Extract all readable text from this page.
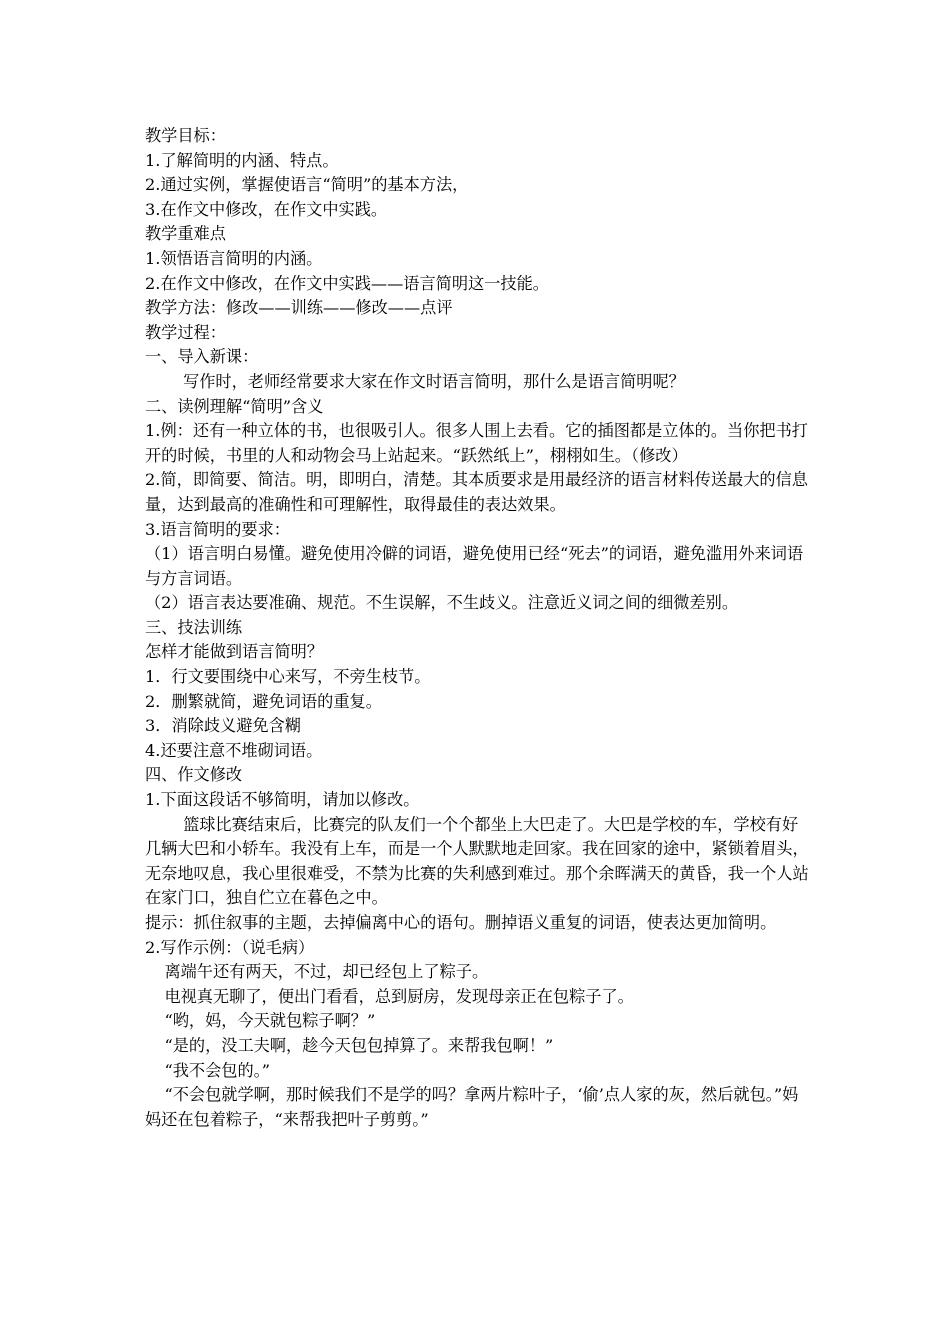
教学目标：

1.了解简明的内涵、特点。

2.通过实例，掌握使语言“简明”的基本方法，

3.在作文中修改，在作文中实践。

教学重难点

1.领悟语言简明的内涵。

2.在作文中修改，在作文中实践——语言简明这一技能。

教学方法：修改——训练——修改——点评

教学过程：

一、导入新课：

写作时，老师经常要求大家在作文时语言简明，那什么是语言简明呢？

二、读例理解“简明”含义

1.例：还有一种立体的书，也很吸引人。很多人围上去看。它的插图都是立体的。当你把书打开的时候，书里的人和动物会马上站起来。“跃然纸上”，栩栩如生。（修改）

2.简，即简要、简洁。明，即明白，清楚。其本质要求是用最经济的语言材料传送最大的信息量，达到最高的准确性和可理解性，取得最佳的表达效果。

3.语言简明的要求：

（1）语言明白易懂。避免使用冷僻的词语，避免使用已经“死去”的词语，避免滥用外来词语与方言词语。

（2）语言表达要准确、规范。不生误解，不生歧义。注意近义词之间的细微差别。

三、技法训练

怎样才能做到语言简明？

1．行文要围绕中心来写，不旁生枝节。

2．删繁就简，避免词语的重复。

3．消除歧义避免含糊

4.还要注意不堆砌词语。

四、作文修改

1.下面这段话不够简明，请加以修改。

篮球比赛结束后，比赛完的队友们一个个都坐上大巴走了。大巴是学校的车，学校有好几辆大巴和小轿车。我没有上车，而是一个人默默地走回家。我在回家的途中，紧锁着眉头，无奈地叹息，我心里很难受，不禁为比赛的失利感到难过。那个余晖满天的黄昏，我一个人站在家门口，独自伫立在暮色之中。

提示：抓住叙事的主题，去掉偏离中心的语句。删掉语义重复的词语，使表达更加简明。

2.写作示例：（说毛病）

离端午还有两天，不过，却已经包上了粽子。

电视真无聊了，便出门看看，总到厨房，发现母亲正在包粽子了。

“哟，妈，今天就包粽子啊？”

“是的，没工夫啊，趁今天包包掉算了。来帮我包啊！”

“我不会包的。”

“不会包就学啊，那时候我们不是学的吗？拿两片粽叶子，‘偷’点人家的灰，然后就包。”妈妈还在包着粽子，“来帮我把叶子剪剪。”
